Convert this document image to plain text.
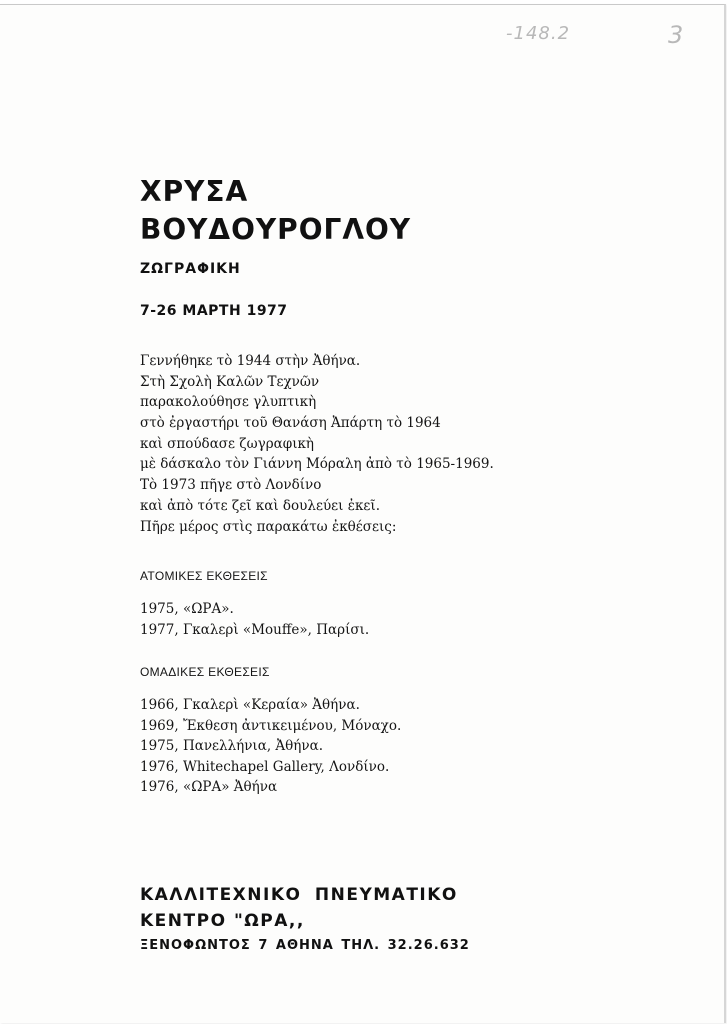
-148.2	3
ΧΡΥΣΑ
ΒΟΥΔΟΥΡΟΓΛΟΥ
ΖΩΓΡΑΦΙΚΗ
7-26 ΜΑΡΤΗ 1977
Γεννήθηκε τὸ 1944 στὴν Ἀθήνα.
Στὴ Σχολὴ Καλῶν Τεχνῶν
παρακολούθησε γλυπτικὴ
στὸ ἐργαστήρι τοῦ Θανάση Ἀπάρτη τὸ 1964
καὶ σπούδασε ζωγραφικὴ
μὲ δάσκαλο τὸν Γιάννη Μόραλη ἀπὸ τὸ 1965-1969.
Τὸ 1973 πῆγε στὸ Λονδίνο
καὶ ἀπὸ τότε ζεῖ καὶ δουλεύει ἐκεῖ.
Πῆρε μέρος στὶς παρακάτω ἐκθέσεις:
ΑΤΟΜΙΚΕΣ ΕΚΘΕΣΕΙΣ
1975, «ΩΡΑ».
1977, Γκαλερὶ «Mouffe», Παρίσι.
ΟΜΑΔΙΚΕΣ ΕΚΘΕΣΕΙΣ
1966, Γκαλερὶ «Κεραία» Ἀθήνα.
1969, Ἔκθεση ἀντικειμένου, Μόναχο.
1975, Πανελλήνια, Ἀθήνα.
1976, Whitechapel Gallery, Λονδίνο.
1976, «ΩΡΑ» Ἀθήνα
ΚΑΛΛΙΤΕΧΝΙΚΟ ΠΝΕΥΜΑΤΙΚΟ
ΚΕΝΤΡΟ "ΩΡΑ,,
ΞΕΝΟΦΩΝΤΟΣ 7 ΑΘΗΝΑ ΤΗΛ. 32.26.632
